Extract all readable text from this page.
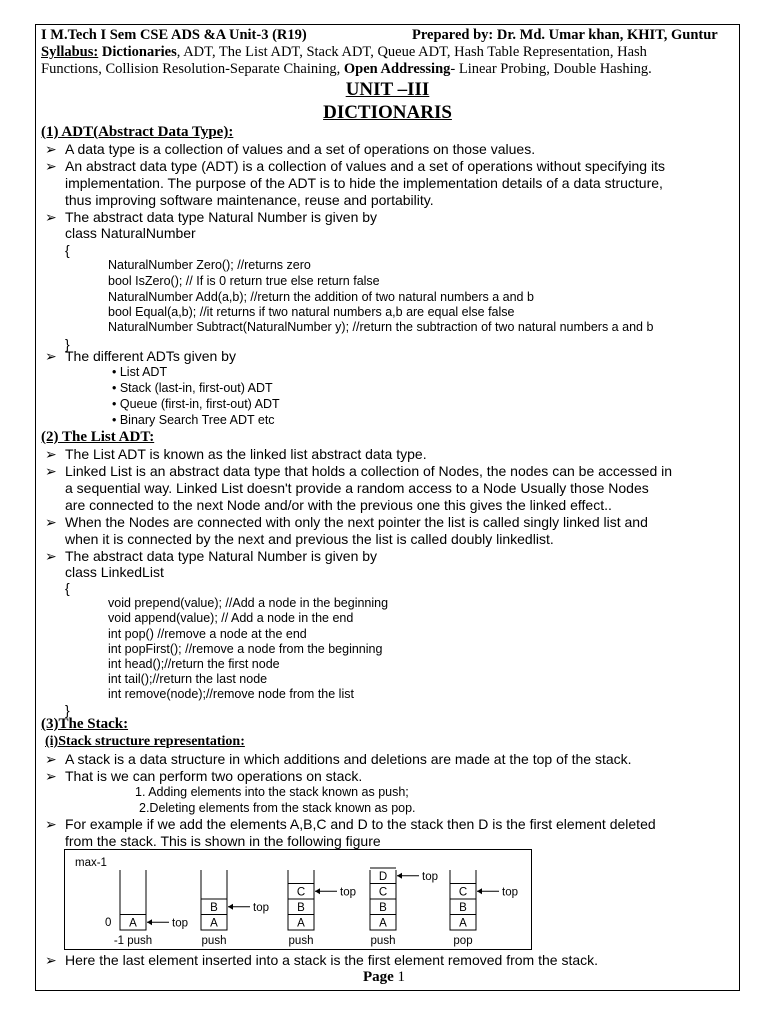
I M.Tech I Sem CSE ADS &A Unit-3 (R19)	Prepared by: Dr. Md. Umar khan, KHIT, Guntur
Syllabus: Dictionaries, ADT, The List ADT, Stack ADT, Queue ADT, Hash Table Representation, Hash
Functions, Collision Resolution-Separate Chaining, Open Addressing- Linear Probing, Double Hashing.
UNIT –III
DICTIONARIS
(1) ADT(Abstract Data Type):
➢ A data type is a collection of values and a set of operations on those values.
➢ An abstract data type (ADT) is a collection of values and a set of operations without specifying its
implementation. The purpose of the ADT is to hide the implementation details of a data structure,
thus improving software maintenance, reuse and portability.
➢ The abstract data type Natural Number is given by
class NaturalNumber
{
NaturalNumber Zero(); //returns zero
bool IsZero(); // If is 0 return true else return false
NaturalNumber Add(a,b); //return the addition of two natural numbers a and b
bool Equal(a,b); //it returns if two natural numbers a,b are equal else false
NaturalNumber Subtract(NaturalNumber y); //return the subtraction of two natural numbers a and b
}
➢ The different ADTs given by
• List ADT
• Stack (last-in, first-out) ADT
• Queue (first-in, first-out) ADT
• Binary Search Tree ADT etc
(2) The List ADT:
➢ The List ADT is known as the linked list abstract data type.
➢ Linked List is an abstract data type that holds a collection of Nodes, the nodes can be accessed in
a sequential way. Linked List doesn't provide a random access to a Node Usually those Nodes
are connected to the next Node and/or with the previous one this gives the linked effect..
➢ When the Nodes are connected with only the next pointer the list is called singly linked list and
when it is connected by the next and previous the list is called doubly linkedlist.
➢ The abstract data type Natural Number is given by
class LinkedList
{
void prepend(value); //Add a node in the beginning
void append(value); // Add a node in the end
int pop() //remove a node at the end
int popFirst(); //remove a node from the beginning
int head();//return the first node
int tail();//return the last node
int remove(node);//remove node from the list
}
(3)The Stack:
(i)Stack structure representation:
➢ A stack is a data structure in which additions and deletions are made at the top of the stack.
➢ That is we can perform two operations on stack.
1. Adding elements into the stack known as push;
2.Deleting elements from the stack known as pop.
➢ For example if we add the elements A,B,C and D to the stack then D is the first element deleted
from the stack. This is shown in the following figure
max-1
0 A	top
-1 push
A
B	top
push
A
B
C	top
push
A
B
C
D	top
push
A
B
C	top
pop
➢ Here the last element inserted into a stack is the first element removed from the stack.
Page 1
